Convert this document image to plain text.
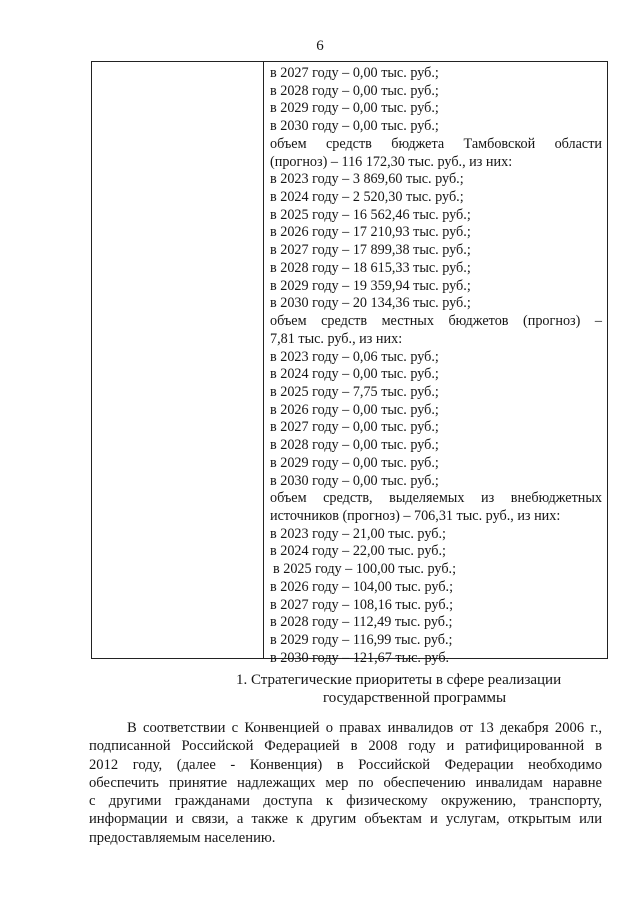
6
в 2027 году – 0,00 тыс. руб.;
в 2028 году – 0,00 тыс. руб.;
в 2029 году – 0,00 тыс. руб.;
в 2030 году – 0,00 тыс. руб.;
объем средств бюджета Тамбовской области
(прогноз) – 116 172,30 тыс. руб., из них:
в 2023 году – 3 869,60 тыс. руб.;
в 2024 году – 2 520,30 тыс. руб.;
в 2025 году – 16 562,46 тыс. руб.;
в 2026 году – 17 210,93 тыс. руб.;
в 2027 году – 17 899,38 тыс. руб.;
в 2028 году – 18 615,33 тыс. руб.;
в 2029 году – 19 359,94 тыс. руб.;
в 2030 году – 20 134,36 тыс. руб.;
объем средств местных бюджетов (прогноз) –
7,81 тыс. руб., из них:
в 2023 году – 0,06 тыс. руб.;
в 2024 году – 0,00 тыс. руб.;
в 2025 году – 7,75 тыс. руб.;
в 2026 году – 0,00 тыс. руб.;
в 2027 году – 0,00 тыс. руб.;
в 2028 году – 0,00 тыс. руб.;
в 2029 году – 0,00 тыс. руб.;
в 2030 году – 0,00 тыс. руб.;
объем средств, выделяемых из внебюджетных
источников (прогноз) – 706,31 тыс. руб., из них:
в 2023 году – 21,00 тыс. руб.;
в 2024 году – 22,00 тыс. руб.;
в 2025 году – 100,00 тыс. руб.;
в 2026 году – 104,00 тыс. руб.;
в 2027 году – 108,16 тыс. руб.;
в 2028 году – 112,49 тыс. руб.;
в 2029 году – 116,99 тыс. руб.;
в 2030 году – 121,67 тыс. руб.
1. Стратегические приоритеты в сфере реализации
государственной программы
В соответствии с Конвенцией о правах инвалидов от 13 декабря 2006 г.,
подписанной Российской Федерацией в 2008 году и ратифицированной в
2012 году, (далее - Конвенция) в Российской Федерации необходимо
обеспечить принятие надлежащих мер по обеспечению инвалидам наравне
с другими гражданами доступа к физическому окружению, транспорту,
информации и связи, а также к другим объектам и услугам, открытым или
предоставляемым населению.
